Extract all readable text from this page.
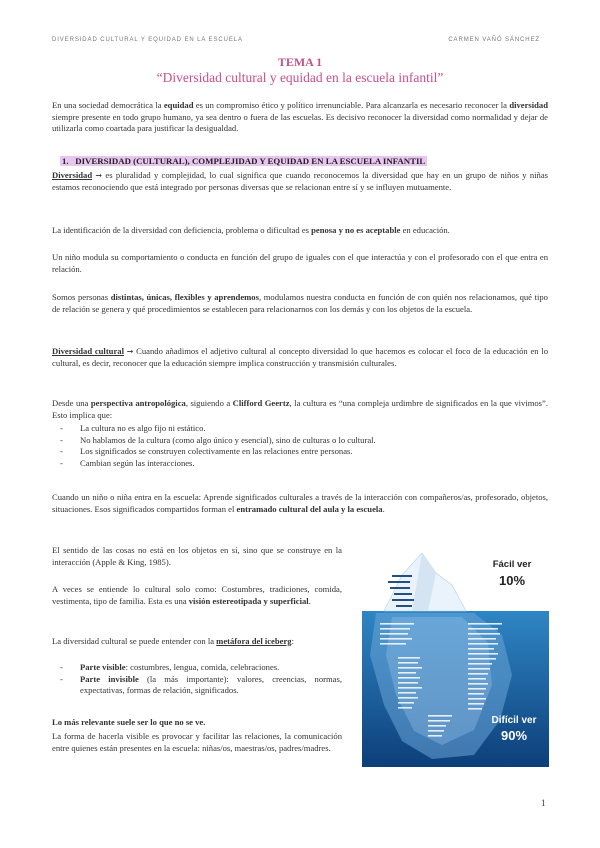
DIVERSIDAD CULTURAL Y EQUIDAD EN LA ESCUELA	CARMEN VAÑÓ SÁNCHEZ
TEMA 1
“Diversidad cultural y equidad en la escuela infantil”

En una sociedad democrática la equidad es un compromiso ético y político irrenunciable. Para alcanzarla es necesario reconocer la diversidad siempre presente en todo grupo humano, ya sea dentro o fuera de las escuelas. Es decisivo reconocer la diversidad como normalidad y dejar de utilizarla como coartada para justificar la desigualdad.

1. DIVERSIDAD (CULTURAL), COMPLEJIDAD Y EQUIDAD EN LA ESCUELA INFANTIL

Diversidad ➞ es pluralidad y complejidad, lo cual significa que cuando reconocemos la diversidad que hay en un grupo de niños y niñas estamos reconociendo que está integrado por personas diversas que se relacionan entre sí y se influyen mutuamente.

La identificación de la diversidad con deficiencia, problema o dificultad es penosa y no es aceptable en educación.

Un niño modula su comportamiento o conducta en función del grupo de iguales con el que interactúa y con el profesorado con el que entra en relación.

Somos personas distintas, únicas, flexibles y aprendemos, modulamos nuestra conducta en función de con quién nos relacionamos, qué tipo de relación se genera y qué procedimientos se establecen para relacionarnos con los demás y con los objetos de la escuela.

Diversidad cultural ➞ Cuando añadimos el adjetivo cultural al concepto diversidad lo que hacemos es colocar el foco de la educación en lo cultural, es decir, reconocer que la educación siempre implica construcción y transmisión culturales.

Desde una perspectiva antropológica, siguiendo a Clifford Geertz, la cultura es “una compleja urdimbre de significados en la que vivimos”. Esto implica que:

- La cultura no es algo fijo ni estático.
- No hablamos de la cultura (como algo único y esencial), sino de culturas o lo cultural.
- Los significados se construyen colectivamente en las relaciones entre personas.
- Cambian según las interacciones.

Cuando un niño o niña entra en la escuela: Aprende significados culturales a través de la interacción con compañeros/as, profesorado, objetos, situaciones. Esos significados compartidos forman el entramado cultural del aula y la escuela.

El sentido de las cosas no está en los objetos en sí, sino que se construye en la interacción (Apple & King, 1985).

A veces se entiende lo cultural solo como: Costumbres, tradiciones, comida, vestimenta, tipo de familia. Esta es una visión estereotipada y superficial.

La diversidad cultural se puede entender con la metáfora del iceberg:

- Parte visible: costumbres, lengua, comida, celebraciones.
- Parte invisible (la más importante): valores, creencias, normas, expectativas, formas de relación, significados.

Lo más relevante suele ser lo que no se ve.

La forma de hacerla visible es provocar y facilitar las relaciones, la comunicación entre quienes están presentes en la escuela: niñas/os, maestras/os, padres/madres.

Fácil ver
10%
Difícil ver
90%
1
